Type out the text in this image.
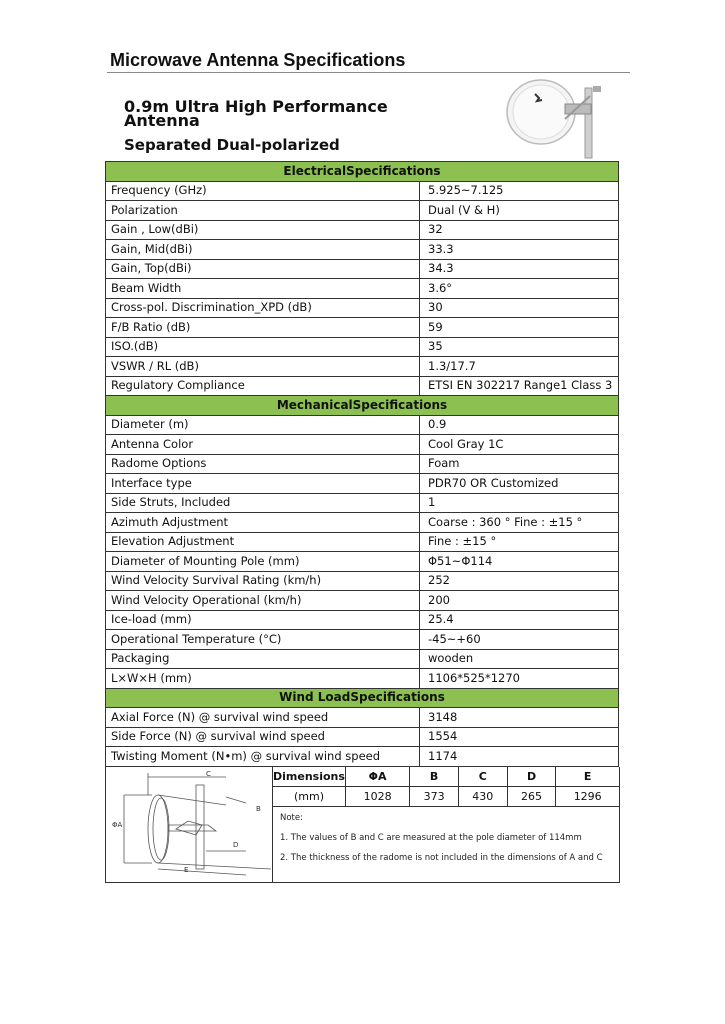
Microwave Antenna Specifications
0.9m Ultra High Performance Antenna
Separated Dual-polarized
ElectricalSpecifications	
Frequency (GHz)	5.925~7.125
Polarization	Dual (V & H)
Gain , Low(dBi)	32
Gain, Mid(dBi)	33.3
Gain, Top(dBi)	34.3
Beam Width	3.6°
Cross-pol. Discrimination_XPD (dB)	30
F/B Ratio (dB)	59
ISO.(dB)	35
VSWR / RL (dB)	1.3/17.7
Regulatory Compliance	ETSI EN 302217 Range1 Class 3
MechanicalSpecifications	
Diameter (m)	0.9
Antenna Color	Cool Gray 1C
Radome Options	Foam
Interface type	PDR70 OR Customized
Side Struts, Included	1
Azimuth Adjustment	Coarse : 360 ° Fine : ±15 °
Elevation Adjustment	Fine : ±15 °
Diameter of Mounting Pole (mm)	Φ51~Φ114
Wind Velocity Survival Rating (km/h)	252
Wind Velocity Operational (km/h)	200
Ice-load (mm)	25.4
Operational Temperature (°C)	-45~+60
Packaging	wooden
L×W×H (mm)	1106*525*1270
Wind LoadSpecifications	
Axial Force (N) @ survival wind speed	3148
Side Force (N) @ survival wind speed	1554
Twisting Moment (N•m) @ survival wind speed	1174
ΦA
C
B
D
E
Dimensions	ΦA	B	C	D	E
(mm)	1028	373	430	265	1296
Note:
1. The values of B and C are measured at the pole diameter of 114mm
2. The thickness of the radome is not included in the dimensions of A and C
